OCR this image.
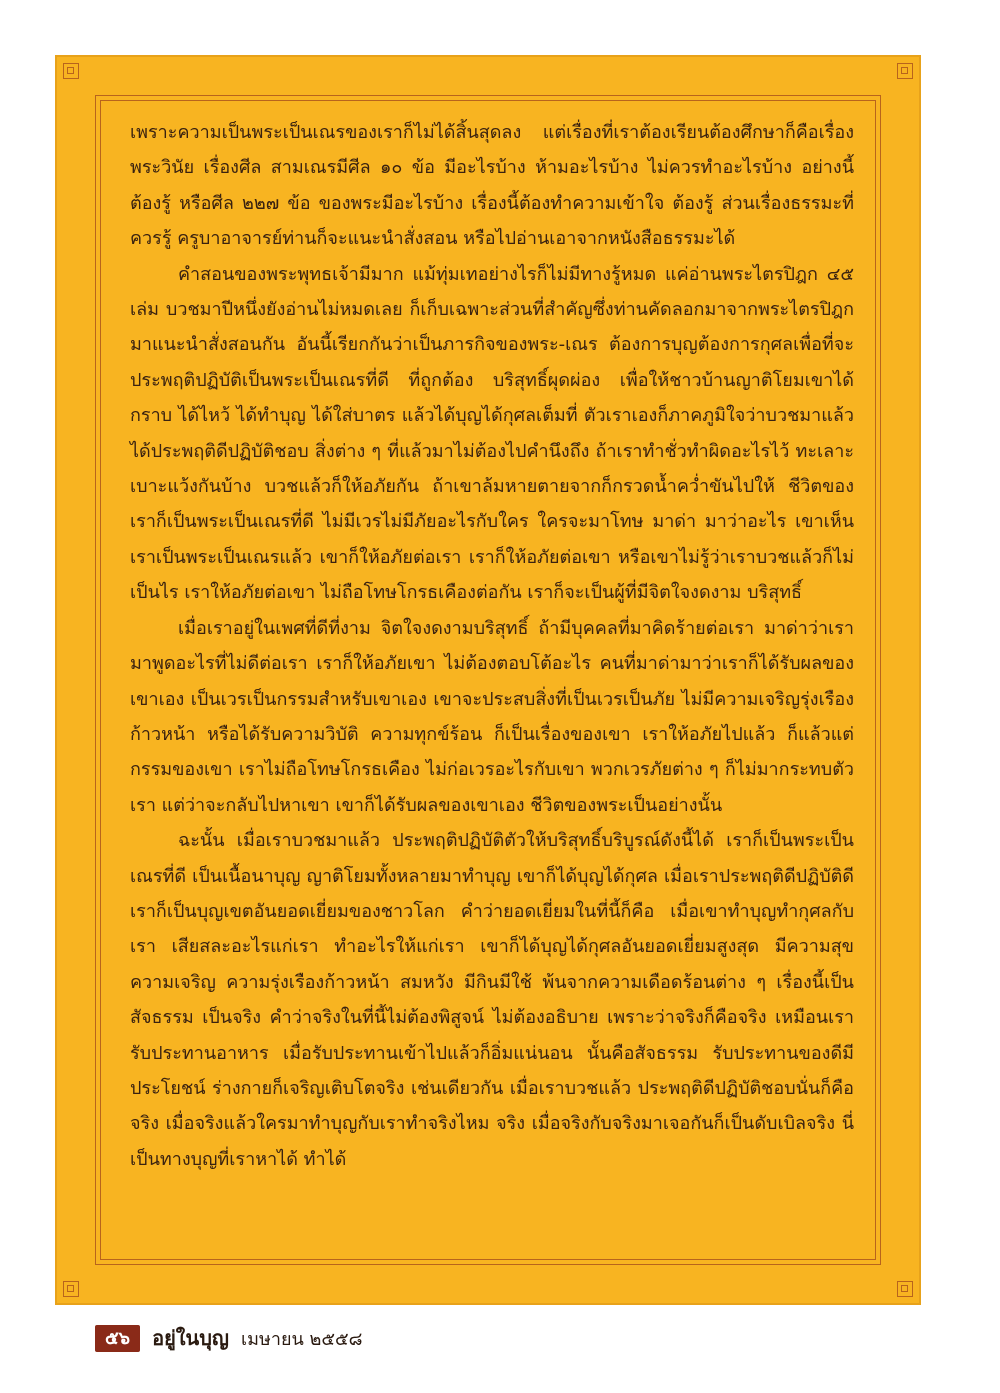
เพราะความเป็นพระเป็นเณรของเราก็ไม่ได้สิ้นสุดลง แต่เรื่องที่เราต้องเรียนต้องศึกษาก็คือเรื่องพระวินัย เรื่องศีล สามเณรมีศีล ๑๐ ข้อ มีอะไรบ้าง ห้ามอะไรบ้าง ไม่ควรทำอะไรบ้าง อย่างนี้ต้องรู้ หรือศีล ๒๒๗ ข้อ ของพระมีอะไรบ้าง เรื่องนี้ต้องทำความเข้าใจ ต้องรู้ ส่วนเรื่องธรรมะที่ควรรู้ ครูบาอาจารย์ท่านก็จะแนะนำสั่งสอน หรือไปอ่านเอาจากหนังสือธรรมะได้

คำสอนของพระพุทธเจ้ามีมาก แม้ทุ่มเทอย่างไรก็ไม่มีทางรู้หมด แค่อ่านพระไตรปิฎก ๔๕ เล่ม บวชมาปีหนึ่งยังอ่านไม่หมดเลย ก็เก็บเฉพาะส่วนที่สำคัญซึ่งท่านคัดลอกมาจากพระไตรปิฎกมาแนะนำสั่งสอนกัน อันนี้เรียกกันว่าเป็นภารกิจของพระ-เณร ต้องการบุญต้องการกุศลเพื่อที่จะประพฤติปฏิบัติเป็นพระเป็นเณรที่ดี ที่ถูกต้อง บริสุทธิ์ผุดผ่อง เพื่อให้ชาวบ้านญาติโยมเขาได้กราบ ได้ไหว้ ได้ทำบุญ ได้ใส่บาตร แล้วได้บุญได้กุศลเต็มที่ ตัวเราเองก็ภาคภูมิใจว่าบวชมาแล้วได้ประพฤติดีปฏิบัติชอบ สิ่งต่าง ๆ ที่แล้วมาไม่ต้องไปคำนึงถึง ถ้าเราทำชั่วทำผิดอะไรไว้ ทะเลาะเบาะแว้งกันบ้าง บวชแล้วก็ให้อภัยกัน ถ้าเขาล้มหายตายจากก็กรวดน้ำคว่ำขันไปให้ ชีวิตของเราก็เป็นพระเป็นเณรที่ดี ไม่มีเวรไม่มีภัยอะไรกับใคร ใครจะมาโทษ มาด่า มาว่าอะไร เขาเห็นเราเป็นพระเป็นเณรแล้ว เขาก็ให้อภัยต่อเรา เราก็ให้อภัยต่อเขา หรือเขาไม่รู้ว่าเราบวชแล้วก็ไม่เป็นไร เราให้อภัยต่อเขา ไม่ถือโทษโกรธเคืองต่อกัน เราก็จะเป็นผู้ที่มีจิตใจงดงาม บริสุทธิ์

เมื่อเราอยู่ในเพศที่ดีที่งาม จิตใจงดงามบริสุทธิ์ ถ้ามีบุคคลที่มาคิดร้ายต่อเรา มาด่าว่าเรา มาพูดอะไรที่ไม่ดีต่อเรา เราก็ให้อภัยเขา ไม่ต้องตอบโต้อะไร คนที่มาด่ามาว่าเราก็ได้รับผลของเขาเอง เป็นเวรเป็นกรรมสำหรับเขาเอง เขาจะประสบสิ่งที่เป็นเวรเป็นภัย ไม่มีความเจริญรุ่งเรืองก้าวหน้า หรือได้รับความวิบัติ ความทุกข์ร้อน ก็เป็นเรื่องของเขา เราให้อภัยไปแล้ว ก็แล้วแต่กรรมของเขา เราไม่ถือโทษโกรธเคือง ไม่ก่อเวรอะไรกับเขา พวกเวรภัยต่าง ๆ ก็ไม่มากระทบตัวเรา แต่ว่าจะกลับไปหาเขา เขาก็ได้รับผลของเขาเอง ชีวิตของพระเป็นอย่างนั้น

ฉะนั้น เมื่อเราบวชมาแล้ว ประพฤติปฏิบัติตัวให้บริสุทธิ์บริบูรณ์ดังนี้ได้ เราก็เป็นพระเป็นเณรที่ดี เป็นเนื้อนาบุญ ญาติโยมทั้งหลายมาทำบุญ เขาก็ได้บุญได้กุศล เมื่อเราประพฤติดีปฏิบัติดี เราก็เป็นบุญเขตอันยอดเยี่ยมของชาวโลก คำว่ายอดเยี่ยมในที่นี้ก็คือ เมื่อเขาทำบุญทำกุศลกับเรา เสียสละอะไรแก่เรา ทำอะไรให้แก่เรา เขาก็ได้บุญได้กุศลอันยอดเยี่ยมสูงสุด มีความสุข ความเจริญ ความรุ่งเรืองก้าวหน้า สมหวัง มีกินมีใช้ พ้นจากความเดือดร้อนต่าง ๆ เรื่องนี้เป็นสัจธรรม เป็นจริง คำว่าจริงในที่นี้ไม่ต้องพิสูจน์ ไม่ต้องอธิบาย เพราะว่าจริงก็คือจริง เหมือนเรารับประทานอาหาร เมื่อรับประทานเข้าไปแล้วก็อิ่มแน่นอน นั้นคือสัจธรรม รับประทานของดีมีประโยชน์ ร่างกายก็เจริญเติบโตจริง เช่นเดียวกัน เมื่อเราบวชแล้ว ประพฤติดีปฏิบัติชอบนั่นก็คือจริง เมื่อจริงแล้วใครมาทำบุญกับเราทำจริงไหม จริง เมื่อจริงกับจริงมาเจอกันก็เป็นดับเบิลจริง นี่เป็นทางบุญที่เราหาได้ ทำได้

๕๖	อยู่ในบุญ เมษายน ๒๕๕๘
